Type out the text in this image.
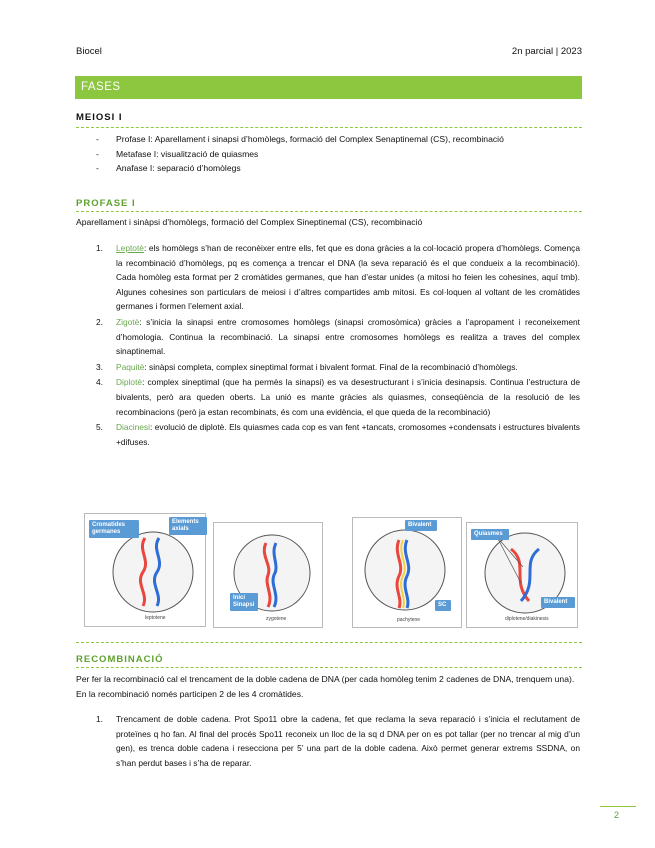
Biocel	2n parcial | 2023
FASES
MEIOSI I
- Profase I: Aparellament i sinapsi d’homòlegs, formació del Complex Senaptinemal (CS), recombinació
- Metafase I: visualització de quiasmes
- Anafase I: separació d’homòlegs
PROFASE I
Aparellament i sinàpsi d’homòlegs, formació del Complex Sineptinemal (CS), recombinació
1. Leptotè: els homòlegs s’han de reconèixer entre ells, fet que es dona gràcies a la col·locació propera d’homòlegs. Comença la recombinació d’homòlegs, pq es comença a trencar el DNA (la seva reparació és el que condueix a la recombinació). Cada homòleg esta format per 2 cromàtides germanes, que han d’estar unides (a mitosi ho feien les cohesines, aquí tmb). Algunes cohesines son particulars de meiosi i d’altres compartides amb mitosi. Es col·loquen al voltant de les cromàtides germanes i formen l’element axial.
2. Zigotè: s’inicia la sinapsi entre cromosomes homòlegs (sinapsi cromosòmica) gràcies a l’apropament i reconeixement d’homologia. Continua la recombinació. La sinapsi entre cromosomes homòlegs es realitza a traves del complex sinaptinemal.
3. Paquitè: sinàpsi completa, complex sineptimal format i bivalent format. Final de la recombinació d’homòlegs.
4. Diplotè: complex sineptimal (que ha permès la sinapsi) es va desestructurant i s’inicia desinapsis. Continua l’estructura de bivalents, però ara queden oberts. La unió es mante gràcies als quiasmes, conseqüència de la resolució de les recombinacions (però ja estan recombinats, és com una evidència, el que queda de la recombinació)
5. Diacinesi: evolució de diplotè. Els quiasmes cada cop es van fent +tancats, cromosomes +condensats i estructures bivalents +difuses.
Cromatides germanes
Elements axials
leptotene
Inici Sinapsi
zygotene
Bivalent
SC
pachytene
Quiasmes
Bivalent
diplotene/diakinesis
RECOMBINACIÓ
Per fer la recombinació cal el trencament de la doble cadena de DNA (per cada homòleg tenim 2 cadenes de DNA, trenquem una). En la recombinació només participen 2 de les 4 cromàtides.
1. Trencament de doble cadena. Prot Spo11 obre la cadena, fet que reclama la seva reparació i s’inicia el reclutament de proteïnes q ho fan. Al final del procés Spo11 reconeix un lloc de la sq d DNA per on es pot tallar (per no trencar al mig d’un gen), es trenca doble cadena i resecciona per 5’ una part de la doble cadena. Això permet generar extrems SSDNA, on s’han perdut bases i s’ha de reparar.
2
